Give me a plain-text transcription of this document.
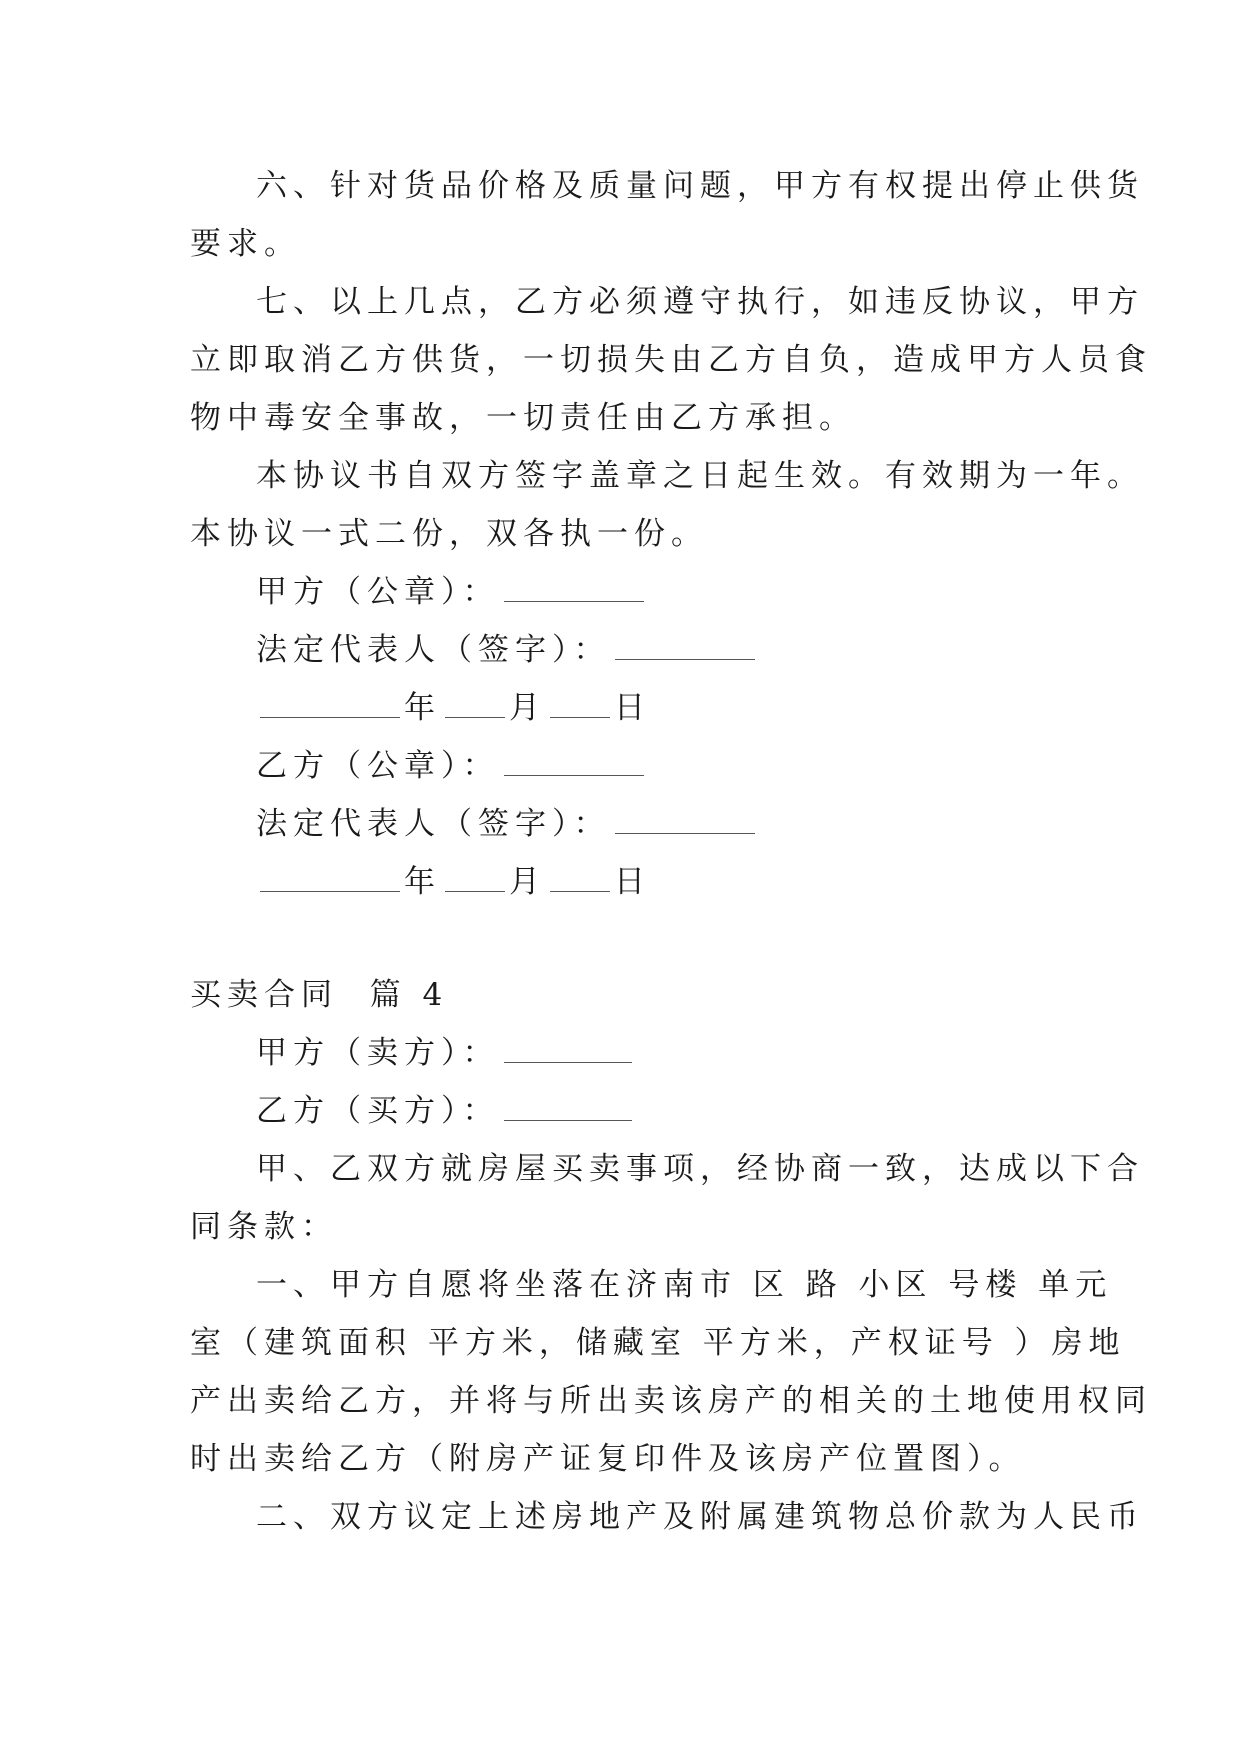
六、针对货品价格及质量问题，甲方有权提出停止供货
要求。
七、以上几点，乙方必须遵守执行，如违反协议，甲方
立即取消乙方供货，一切损失由乙方自负，造成甲方人员食
物中毒安全事故，一切责任由乙方承担。
本协议书自双方签字盖章之日起生效。有效期为一年。
本协议一式二份，双各执一份。
甲方（公章）：
法定代表人（签字）：
年 月 日
乙方（公章）：
法定代表人（签字）：
年 月 日
买卖合同  篇 4
甲方（卖方）：
乙方（买方）：
甲、乙双方就房屋买卖事项，经协商一致，达成以下合
同条款：
一、甲方自愿将坐落在济南市 区 路 小区 号楼 单元
室（建筑面积 平方米，储藏室 平方米，产权证号 ）房地
产出卖给乙方，并将与所出卖该房产的相关的土地使用权同
时出卖给乙方（附房产证复印件及该房产位置图）。
二、双方议定上述房地产及附属建筑物总价款为人民币
